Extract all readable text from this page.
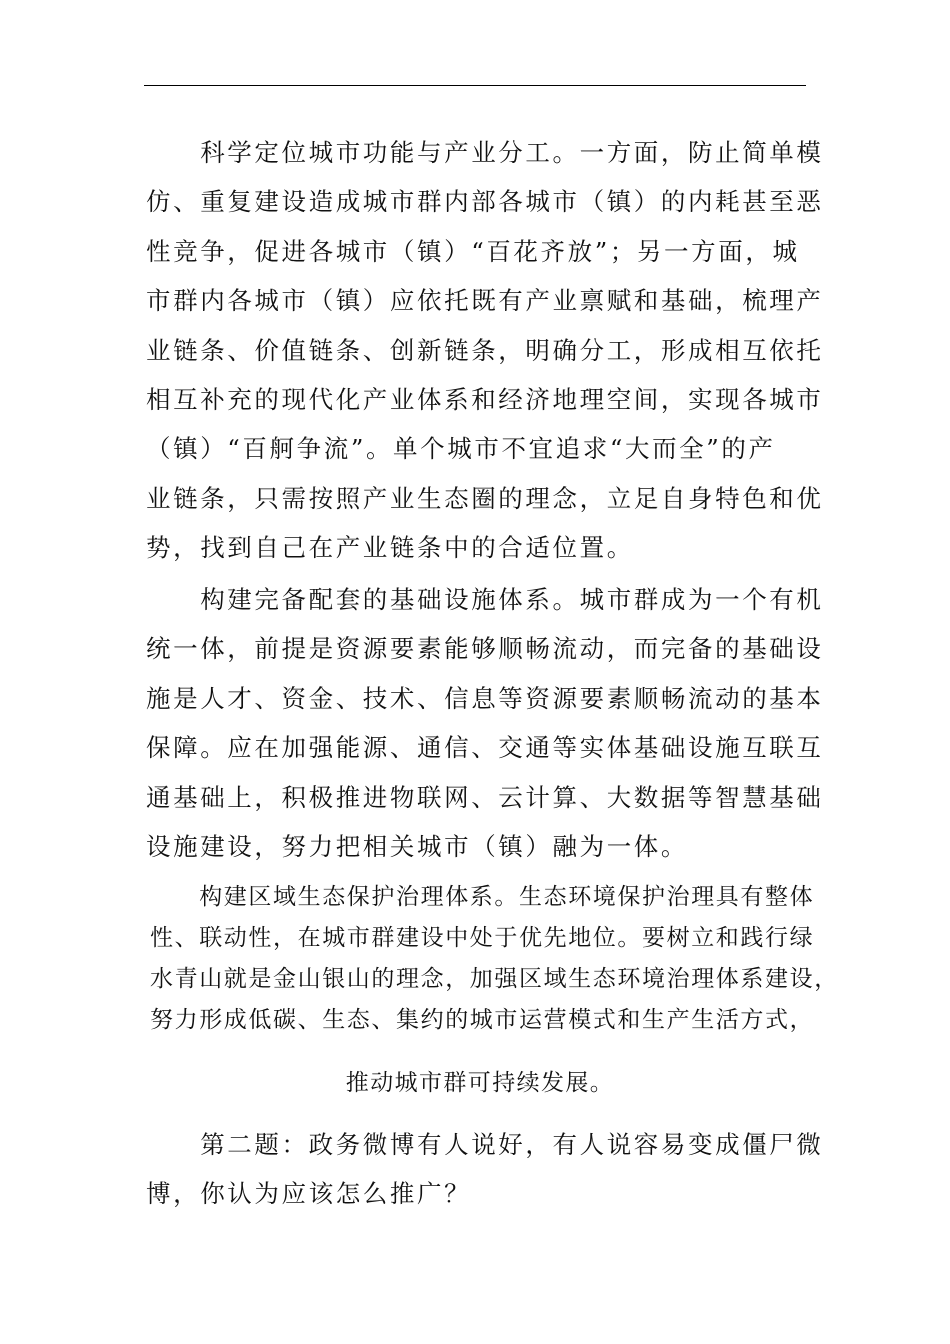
　　科学定位城市功能与产业分工。一方面，防止简单模
仿、重复建设造成城市群内部各城市（镇）的内耗甚至恶
性竞争，促进各城市（镇）“百花齐放”；另一方面，城
市群内各城市（镇）应依托既有产业禀赋和基础，梳理产
业链条、价值链条、创新链条，明确分工，形成相互依托
相互补充的现代化产业体系和经济地理空间，实现各城市
（镇）“百舸争流”。单个城市不宜追求“大而全”的产
业链条，只需按照产业生态圈的理念，立足自身特色和优
势，找到自己在产业链条中的合适位置。
　　构建完备配套的基础设施体系。城市群成为一个有机
统一体，前提是资源要素能够顺畅流动，而完备的基础设
施是人才、资金、技术、信息等资源要素顺畅流动的基本
保障。应在加强能源、通信、交通等实体基础设施互联互
通基础上，积极推进物联网、云计算、大数据等智慧基础
设施建设，努力把相关城市（镇）融为一体。
　　构建区域生态保护治理体系。生态环境保护治理具有整体
性、联动性，在城市群建设中处于优先地位。要树立和践行绿
水青山就是金山银山的理念，加强区域生态环境治理体系建设，
努力形成低碳、生态、集约的城市运营模式和生产生活方式，
推动城市群可持续发展。
　　第二题：政务微博有人说好，有人说容易变成僵尸微
博，你认为应该怎么推广？
